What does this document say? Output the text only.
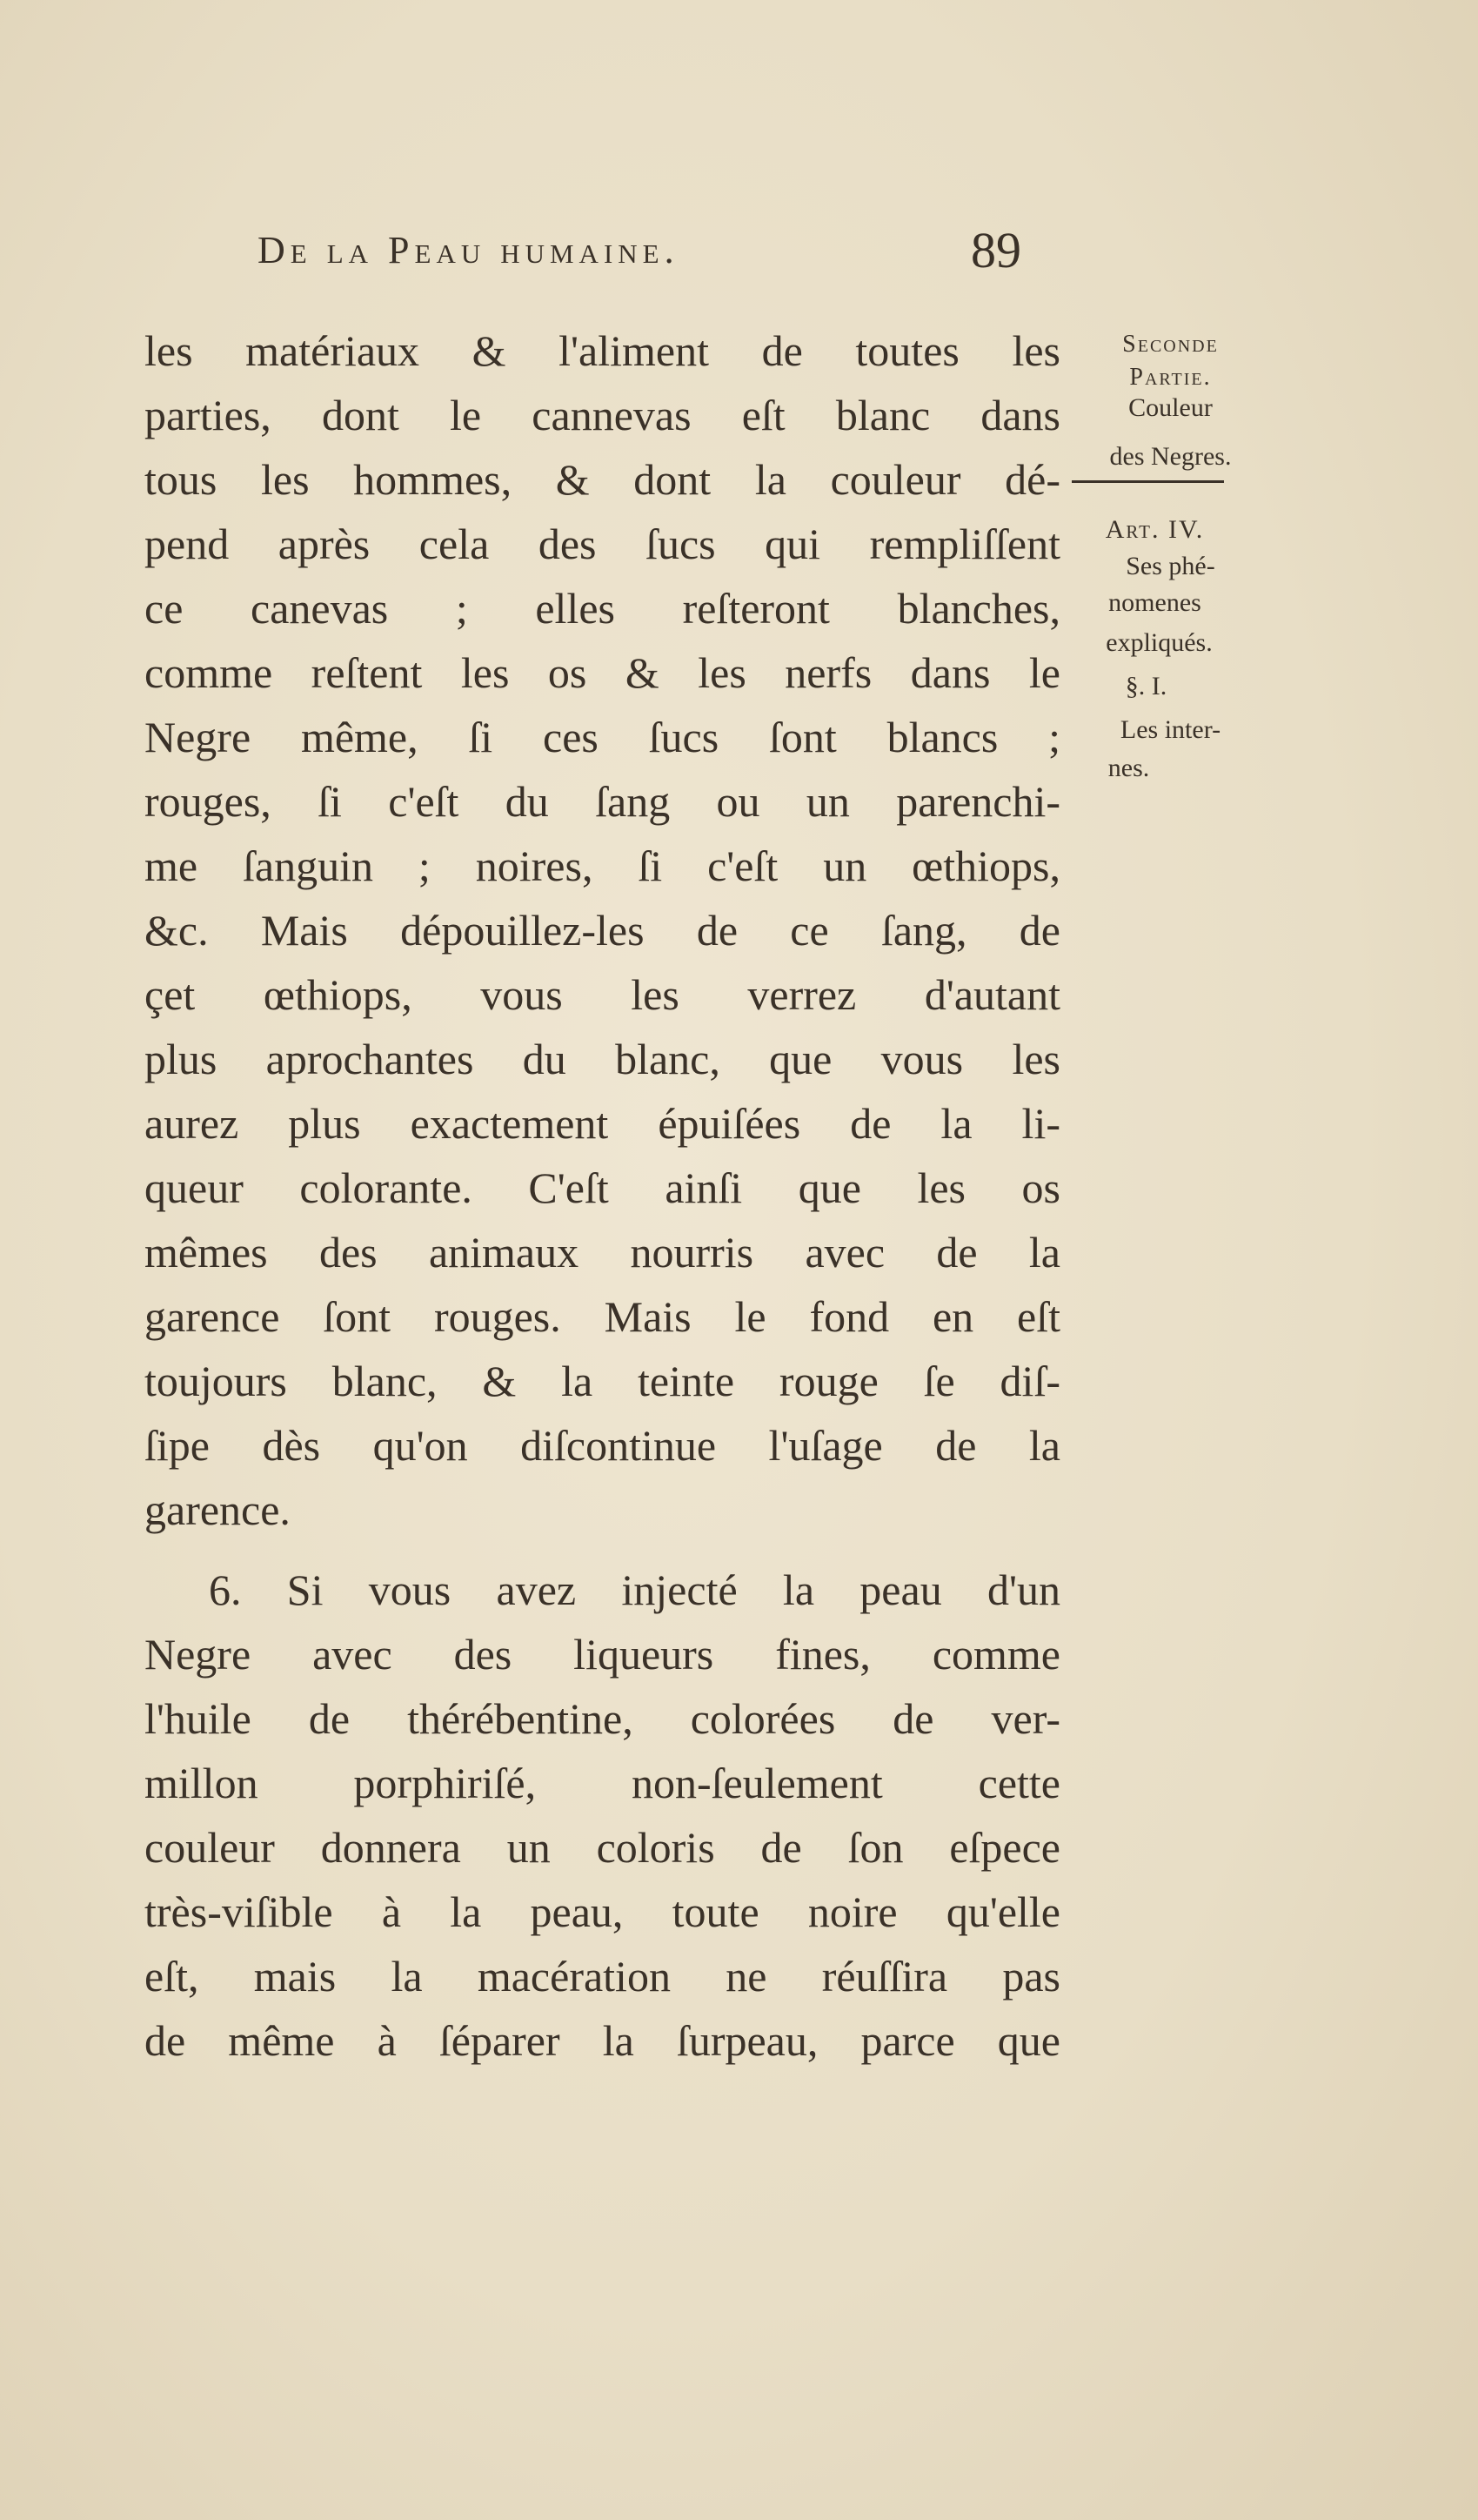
De la Peau humaine.	89
les matériaux & l'aliment de toutes les
parties, dont le cannevas eſt blanc dans
tous les hommes, & dont la couleur dé-
pend après cela des ſucs qui rempliſſent
ce canevas ; elles reſteront blanches,
comme reſtent les os & les nerfs dans le
Negre même, ſi ces ſucs ſont blancs ;
rouges, ſi c'eſt du ſang ou un parenchi-
me ſanguin ; noires, ſi c'eſt un œthiops,
&c. Mais dépouillez-les de ce ſang, de
çet œthiops, vous les verrez d'autant
plus aprochantes du blanc, que vous les
aurez plus exactement épuiſées de la li-
queur colorante. C'eſt ainſi que les os
mêmes des animaux nourris avec de la
garence ſont rouges. Mais le fond en eſt
toujours blanc, & la teinte rouge ſe diſ-
ſipe dès qu'on diſcontinue l'uſage de la
garence.
6. Si vous avez injecté la peau d'un
Negre avec des liqueurs fines, comme
l'huile de thérébentine, colorées de ver-
millon porphiriſé, non-ſeulement cette
couleur donnera un coloris de ſon eſpece
très-viſible à la peau, toute noire qu'elle
eſt, mais la macération ne réuſſira pas
de même à ſéparer la ſurpeau, parce que
Seconde
Partie.
Couleur
des Negres.
Art. IV.
Ses phé-
nomenes
expliqués.
§. I.
Les inter-
nes.
